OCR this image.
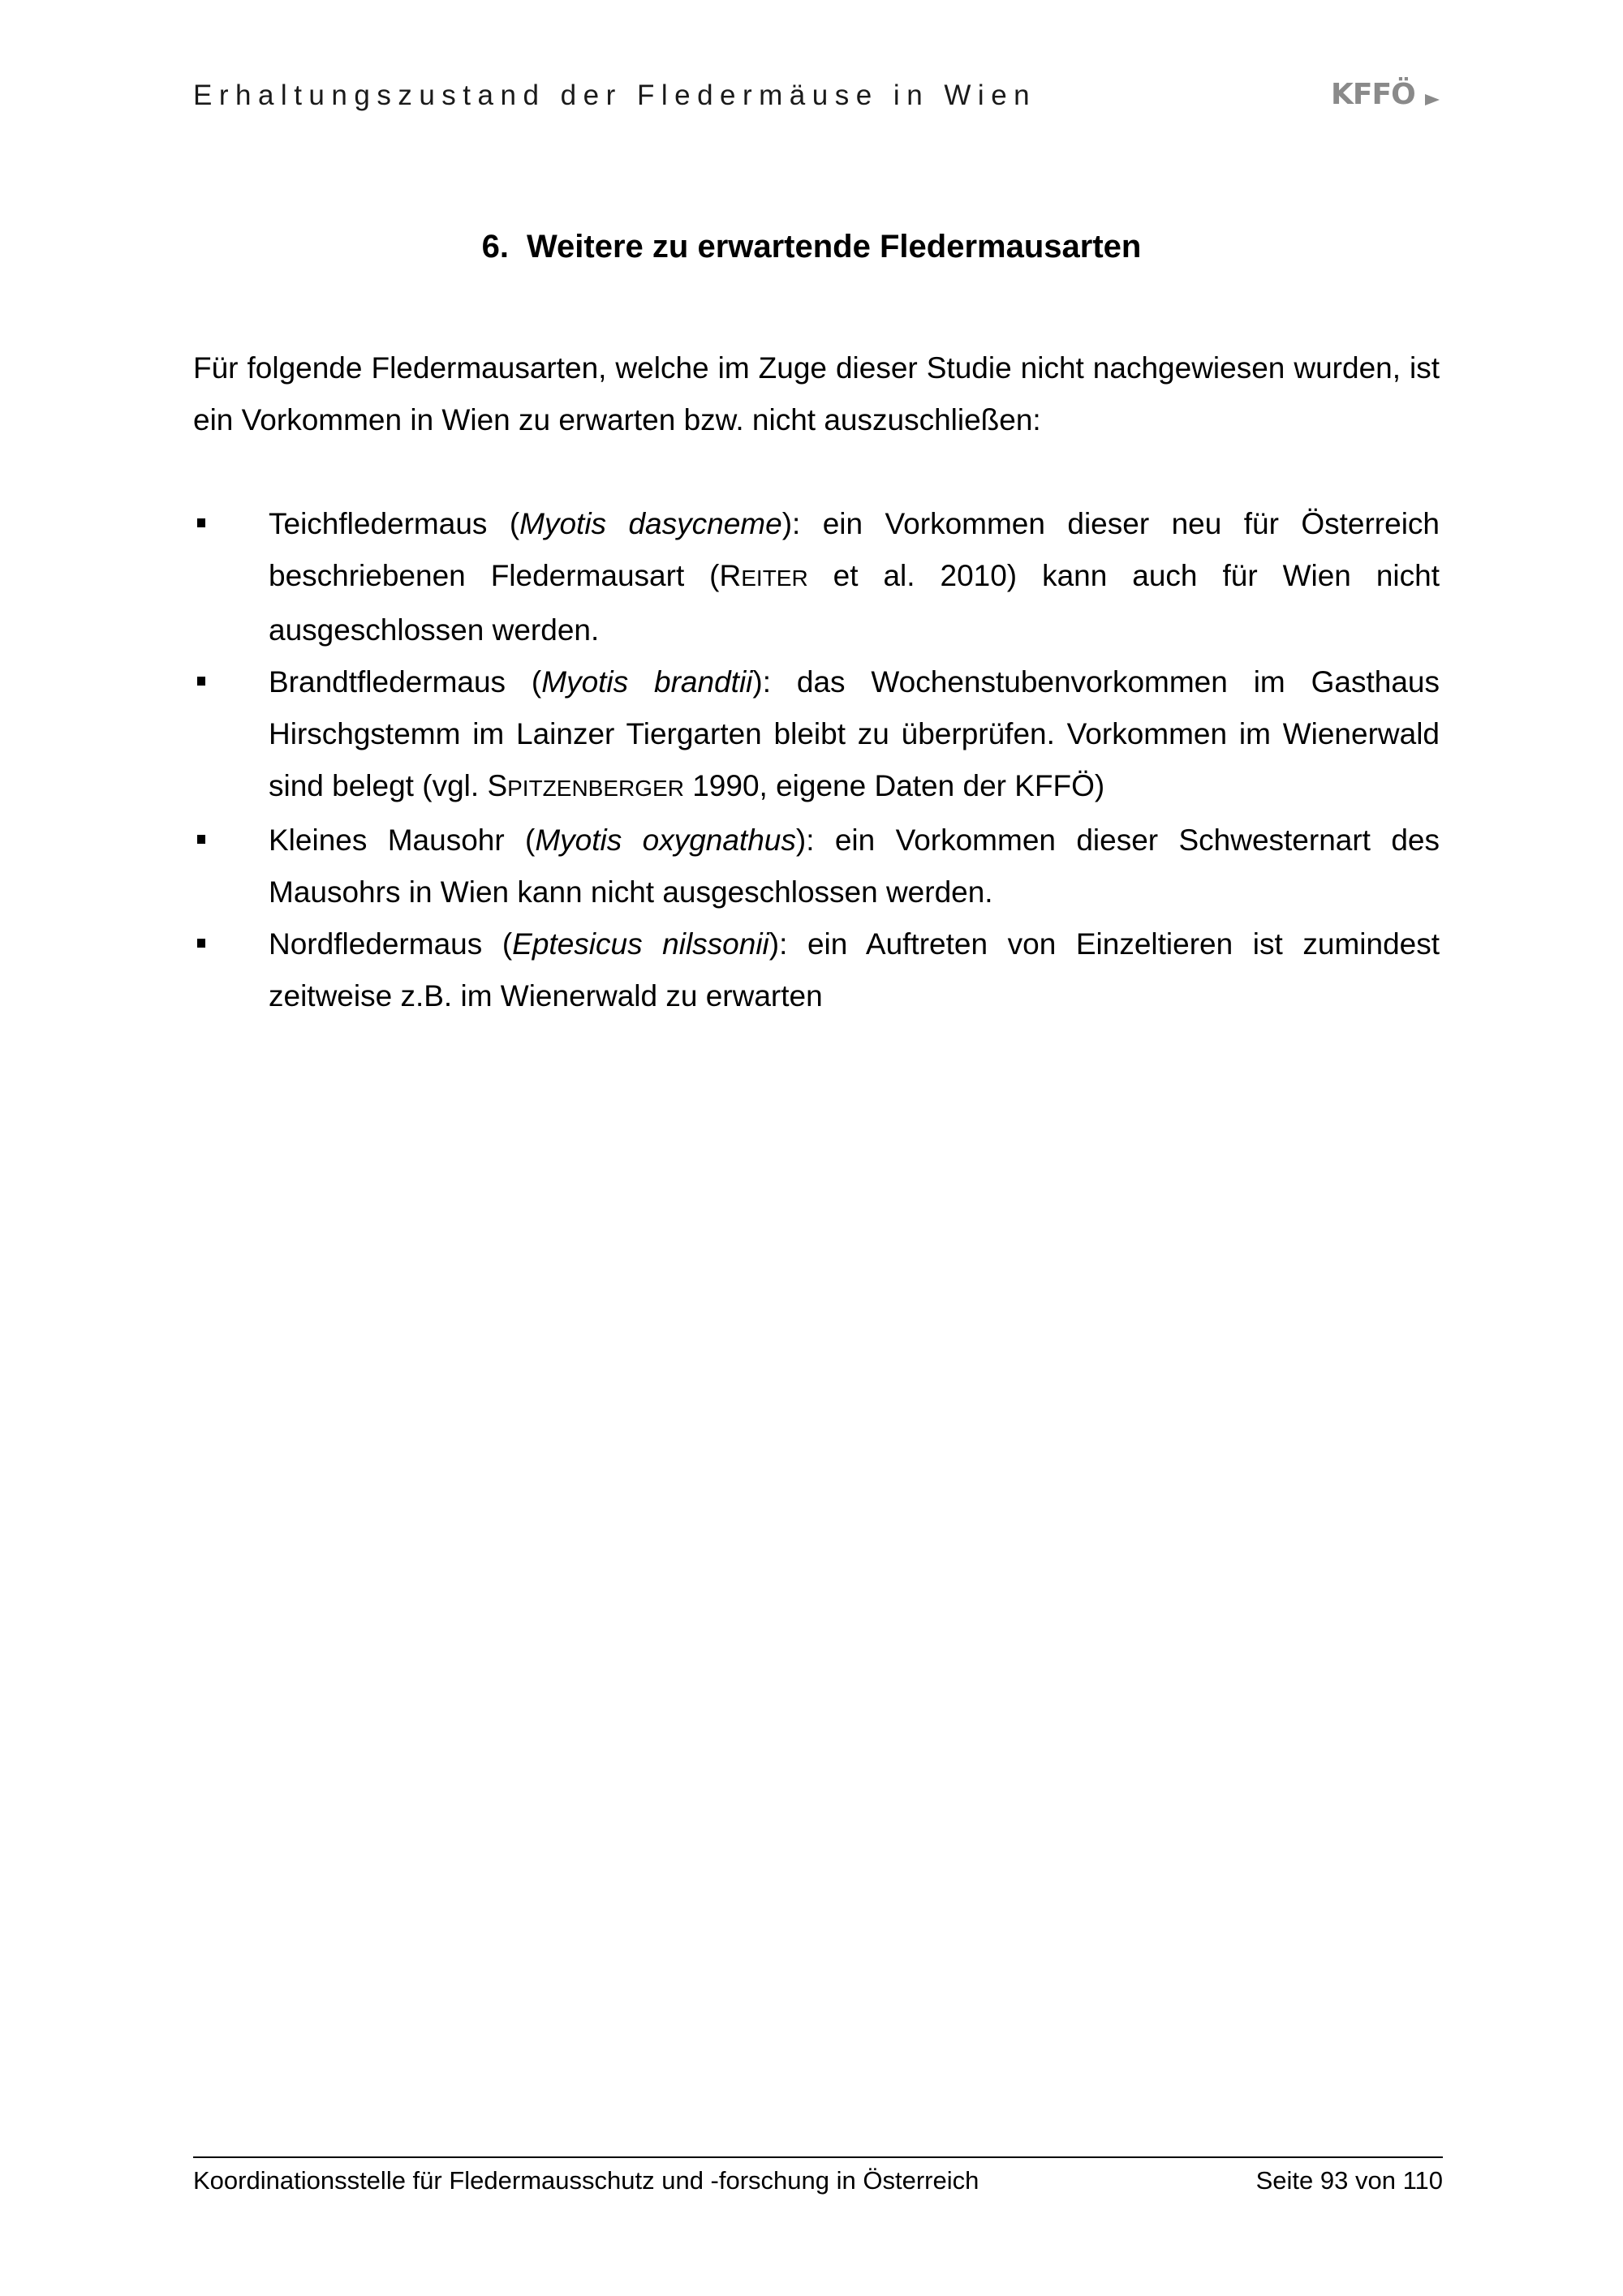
Erhaltungszustand der Fledermäuse in Wien	KFFÖ
6. Weitere zu erwartende Fledermausarten

Für folgende Fledermausarten, welche im Zuge dieser Studie nicht nachgewiesen wurden, ist ein Vorkommen in Wien zu erwarten bzw. nicht auszuschließen:

Teichfledermaus (Myotis dasycneme): ein Vorkommen dieser neu für Österreich beschriebenen Fledermausart (REITER et al. 2010) kann auch für Wien nicht ausgeschlossen werden.
Brandtfledermaus (Myotis brandtii): das Wochenstubenvorkommen im Gasthaus Hirschgstemm im Lainzer Tiergarten bleibt zu überprüfen. Vorkommen im Wienerwald sind belegt (vgl. SPITZENBERGER 1990, eigene Daten der KFFÖ)
Kleines Mausohr (Myotis oxygnathus): ein Vorkommen dieser Schwesternart des Mausohrs in Wien kann nicht ausgeschlossen werden.
Nordfledermaus (Eptesicus nilssonii): ein Auftreten von Einzeltieren ist zumindest zeitweise z.B. im Wienerwald zu erwarten
Koordinationsstelle für Fledermausschutz und -forschung in Österreich	Seite 93 von 110
